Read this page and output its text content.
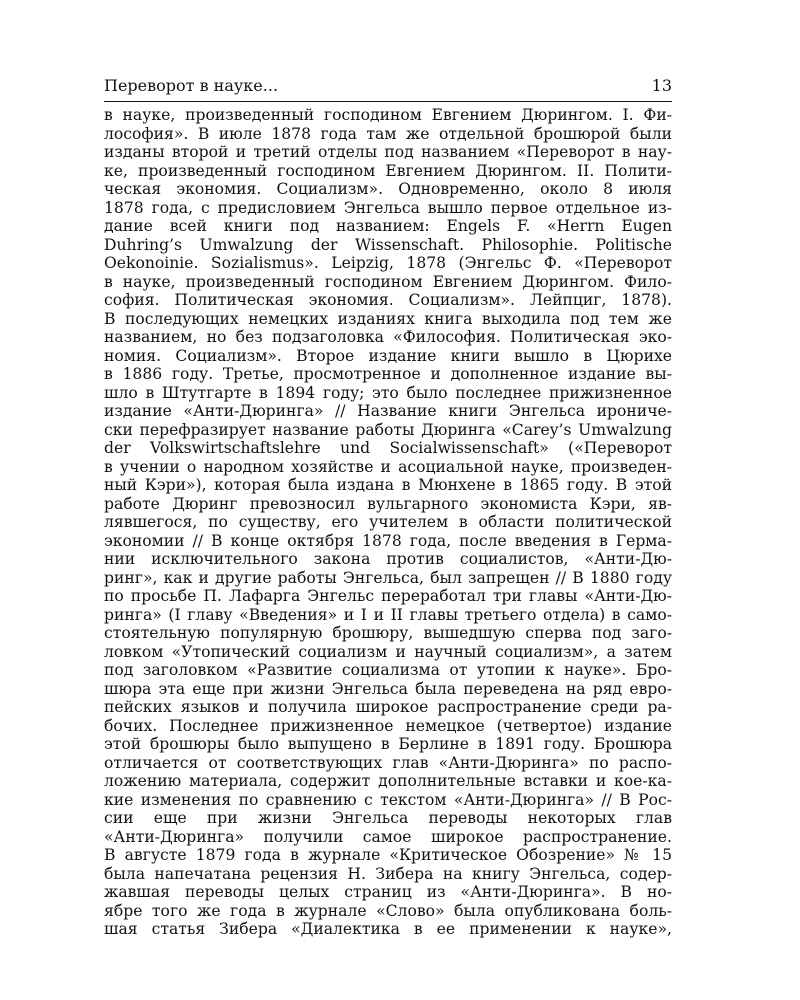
Переворот в науке...	13
в науке, произведенный господином Евгением Дюрингом. I. Фи-
лософия». В июле 1878 года там же отдельной брошюрой были
изданы второй и третий отделы под названием «Переворот в нау-
ке, произведенный господином Евгением Дюрингом. II. Полити-
ческая экономия. Социализм». Одновременно, около 8 июля
1878 года, с предисловием Энгельса вышло первое отдельное из-
дание всей книги под названием: Engels F. «Herrn Eugen
Duhring’s Umwalzung der Wissenschaft. Philosophie. Politische
Oekonoinie. Sozialismus». Leipzig, 1878 (Энгельс Ф. «Переворот
в науке, произведенный господином Евгением Дюрингом. Фило-
софия. Политическая экономия. Социализм». Лейпциг, 1878).
В последующих немецких изданиях книга выходила под тем же
названием, но без подзаголовка «Философия. Политическая эко-
номия. Социализм». Второе издание книги вышло в Цюрихе
в 1886 году. Третье, просмотренное и дополненное издание вы-
шло в Штутгарте в 1894 году; это было последнее прижизненное
издание «Анти-Дюринга» // Название книги Энгельса ирониче-
ски перефразирует название работы Дюринга «Carey’s Umwalzung
der Volkswirtschaftslehre und Socialwissenschaft» («Переворот
в учении о народном хозяйстве и асоциальной науке, произведен-
ный Кэри»), которая была издана в Мюнхене в 1865 году. В этой
работе Дюринг превозносил вульгарного экономиста Кэри, яв-
лявшегося, по существу, его учителем в области политической
экономии // В конце октября 1878 года, после введения в Герма-
нии исключительного закона против социалистов, «Анти-Дю-
ринг», как и другие работы Энгельса, был запрещен // В 1880 году
по просьбе П. Лафарга Энгельс переработал три главы «Анти-Дю-
ринга» (I главу «Введения» и I и II главы третьего отдела) в само-
стоятельную популярную брошюру, вышедшую сперва под заго-
ловком «Утопический социализм и научный социализм», а затем
под заголовком «Развитие социализма от утопии к науке». Бро-
шюра эта еще при жизни Энгельса была переведена на ряд евро-
пейских языков и получила широкое распространение среди ра-
бочих. Последнее прижизненное немецкое (четвертое) издание
этой брошюры было выпущено в Берлине в 1891 году. Брошюра
отличается от соответствующих глав «Анти-Дюринга» по распо-
ложению материала, содержит дополнительные вставки и кое-ка-
кие изменения по сравнению с текстом «Анти-Дюринга» // В Рос-
сии еще при жизни Энгельса переводы некоторых глав
«Анти-Дюринга» получили самое широкое распространение.
В августе 1879 года в журнале «Критическое Обозрение» № 15
была напечатана рецензия Н. Зибера на книгу Энгельса, содер-
жавшая переводы целых страниц из «Анти-Дюринга». В но-
ябре того же года в журнале «Слово» была опубликована боль-
шая статья Зибера «Диалектика в ее применении к науке»,
